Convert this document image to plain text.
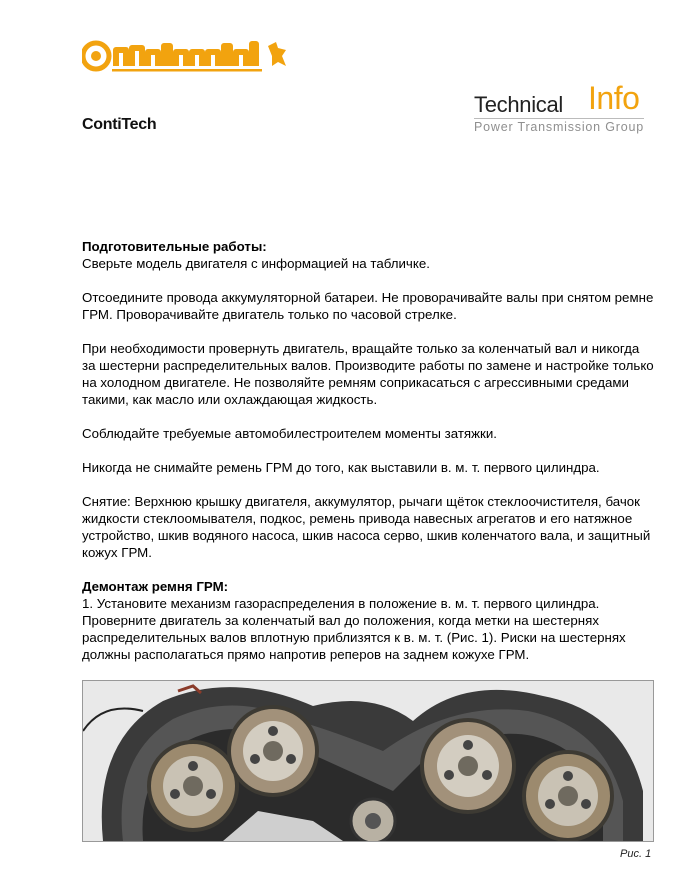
ContiTech
Technical Info
Power Transmission Group

Подготовительные работы:
Сверьте модель двигателя с информацией на табличке.

Отсоедините провода аккумуляторной батареи. Не проворачивайте валы при снятом ремне ГРМ. Проворачивайте двигатель только по часовой стрелке.

При необходимости провернуть двигатель, вращайте только за коленчатый вал и никогда за шестерни распределительных валов. Производите работы по замене и настройке только на холодном двигателе. Не позволяйте ремням соприкасаться с агрессивными средами такими, как масло или охлаждающая жидкость.

Соблюдайте требуемые автомобилестроителем моменты затяжки.

Никогда не снимайте ремень ГРМ до того, как выставили в. м. т. первого цилиндра.

Снятие: Верхнюю крышку двигателя, аккумулятор, рычаги щёток стеклоочистителя, бачок жидкости стеклоомывателя, подкос, ремень привода навесных агрегатов и его натяжное устройство, шкив водяного насоса, шкив насоса серво, шкив коленчатого вала, и защитный кожух ГРМ.

Демонтаж ремня ГРМ:
1. Установите механизм газораспределения в положение в. м. т. первого цилиндра. Проверните двигатель за коленчатый вал до положения, когда метки на шестернях распределительных валов вплотную приблизятся к в. м. т. (Рис. 1). Риски на шестернях должны располагаться прямо напротив реперов на заднем кожухе ГРМ.

Рис. 1
